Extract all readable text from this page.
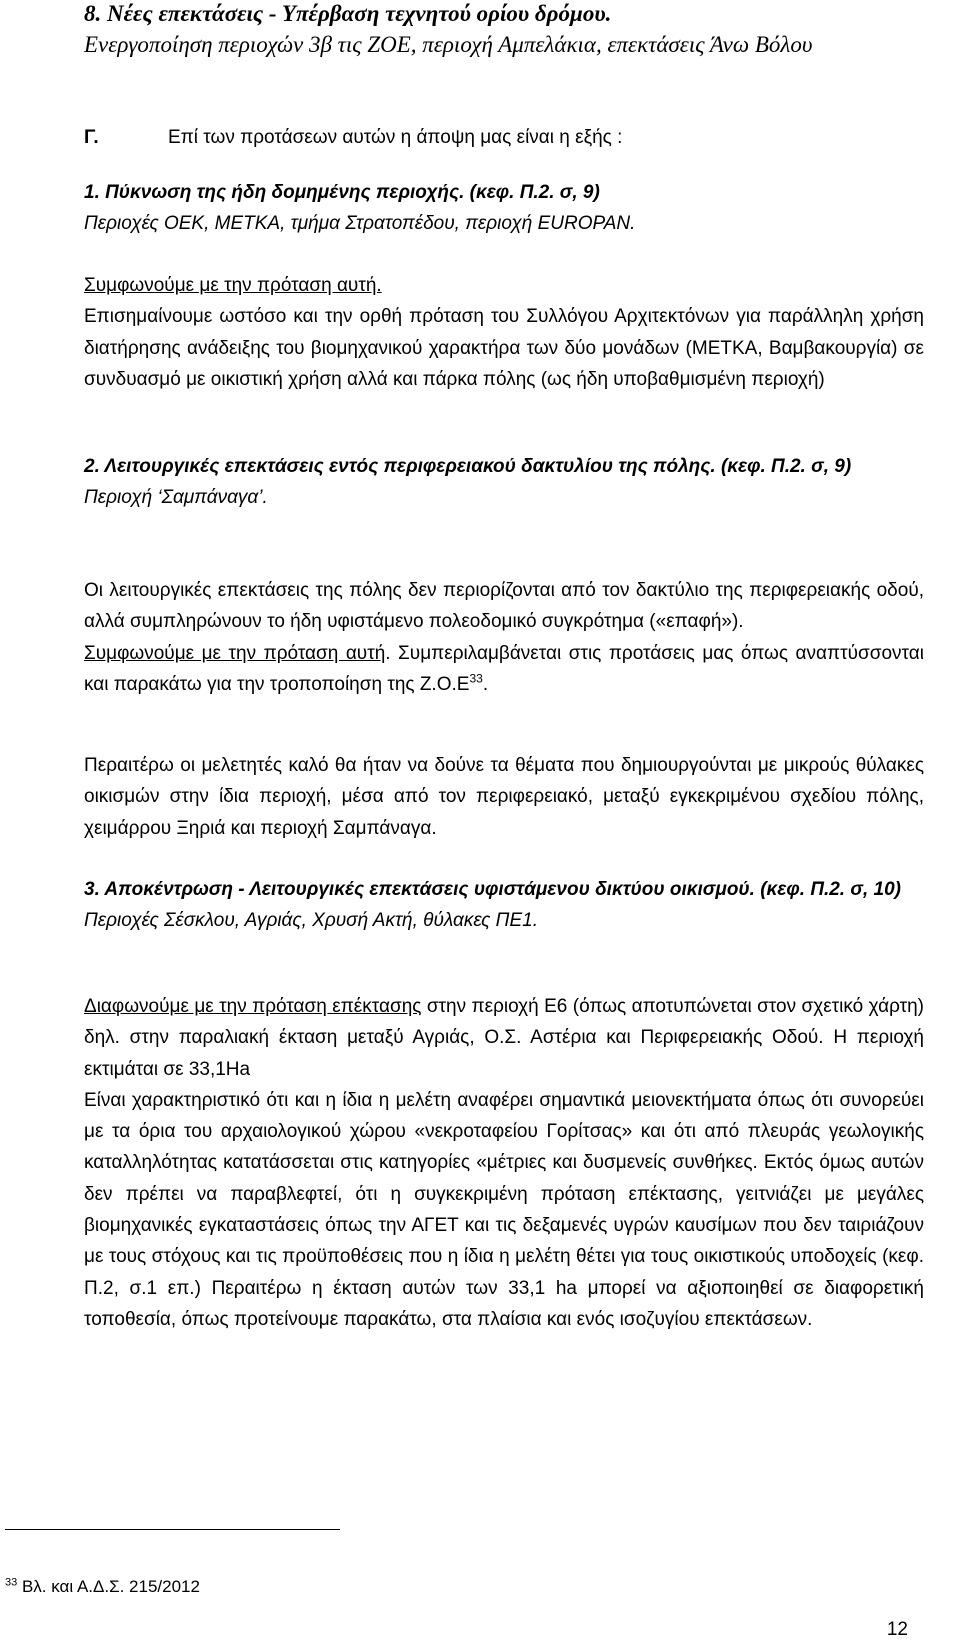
8. Νέες επεκτάσεις - Υπέρβαση τεχνητού ορίου δρόμου.
Ενεργοποίηση περιοχών 3β τις ΖΟΕ, περιοχή Αμπελάκια, επεκτάσεις Άνω Βόλου
Γ.	Επί των προτάσεων αυτών η άποψη μας είναι η εξής :
1. Πύκνωση της ήδη δομημένης περιοχής. (κεφ. Π.2. σ, 9)
Περιοχές ΟΕΚ, ΜΕΤΚΑ, τμήμα Στρατοπέδου, περιοχή EUROPAN.
Συμφωνούμε με την πρόταση αυτή.
Επισημαίνουμε ωστόσο και την ορθή πρόταση του Συλλόγου Αρχιτεκτόνων για παράλληλη χρήση διατήρησης ανάδειξης του βιομηχανικού χαρακτήρα των δύο μονάδων (ΜΕΤΚΑ, Βαμβακουργία) σε συνδυασμό με οικιστική χρήση αλλά και πάρκα πόλης (ως ήδη υποβαθμισμένη περιοχή)
2. Λειτουργικές επεκτάσεις εντός περιφερειακού δακτυλίου της πόλης. (κεφ. Π.2. σ, 9)
Περιοχή ‘Σαμπάναγα’.
Οι λειτουργικές επεκτάσεις της πόλης δεν περιορίζονται από τον δακτύλιο της περιφερειακής οδού, αλλά συμπληρώνουν το ήδη υφιστάμενο πολεοδομικό συγκρότημα («επαφή»).
Συμφωνούμε με την πρόταση αυτή. Συμπεριλαμβάνεται στις προτάσεις μας όπως αναπτύσσονται και παρακάτω για την τροποποίηση της $Z.O.E^{33}$.
Περαιτέρω οι μελετητές καλό θα ήταν να δούνε τα θέματα που δημιουργούνται με μικρούς θύλακες οικισμών στην ίδια περιοχή, μέσα από τον περιφερειακό, μεταξύ εγκεκριμένου σχεδίου πόλης, χειμάρρου Ξηριά και περιοχή Σαμπάναγα.
3. Αποκέντρωση - Λειτουργικές επεκτάσεις υφιστάμενου δικτύου οικισμού. (κεφ. Π.2. σ, 10)
Περιοχές Σέσκλου, Αγριάς, Χρυσή Ακτή, θύλακες ΠΕ1.
Διαφωνούμε με την πρόταση επέκτασης στην περιοχή Ε6 (όπως αποτυπώνεται στον σχετικό χάρτη) δηλ. στην παραλιακή έκταση μεταξύ Αγριάς, Ο.Σ. Αστέρια και Περιφερειακής Οδού. Η περιοχή εκτιμάται σε 33,1Ηa
Είναι χαρακτηριστικό ότι και η ίδια η μελέτη αναφέρει σημαντικά μειονεκτήματα όπως ότι συνορεύει με τα όρια του αρχαιολογικού χώρου «νεκροταφείου Γορίτσας» και ότι από πλευράς γεωλογικής καταλληλότητας κατατάσσεται στις κατηγορίες «μέτριες και δυσμενείς συνθήκες. Εκτός όμως αυτών δεν πρέπει να παραβλεφτεί, ότι η συγκεκριμένη πρόταση επέκτασης, γειτνιάζει με μεγάλες βιομηχανικές εγκαταστάσεις όπως την ΑΓΕΤ και τις δεξαμενές υγρών καυσίμων που δεν ταιριάζουν με τους στόχους και τις προϋποθέσεις που η ίδια η μελέτη θέτει για τους οικιστικούς υποδοχείς (κεφ. Π.2, σ.1 επ.) Περαιτέρω η έκταση αυτών των 33,1 ha μπορεί να αξιοποιηθεί σε διαφορετική τοποθεσία, όπως προτείνουμε παρακάτω, στα πλαίσια και ενός ισοζυγίου επεκτάσεων.
$^{33}$ Βλ. και Α.Δ.Σ. 215/2012
12
